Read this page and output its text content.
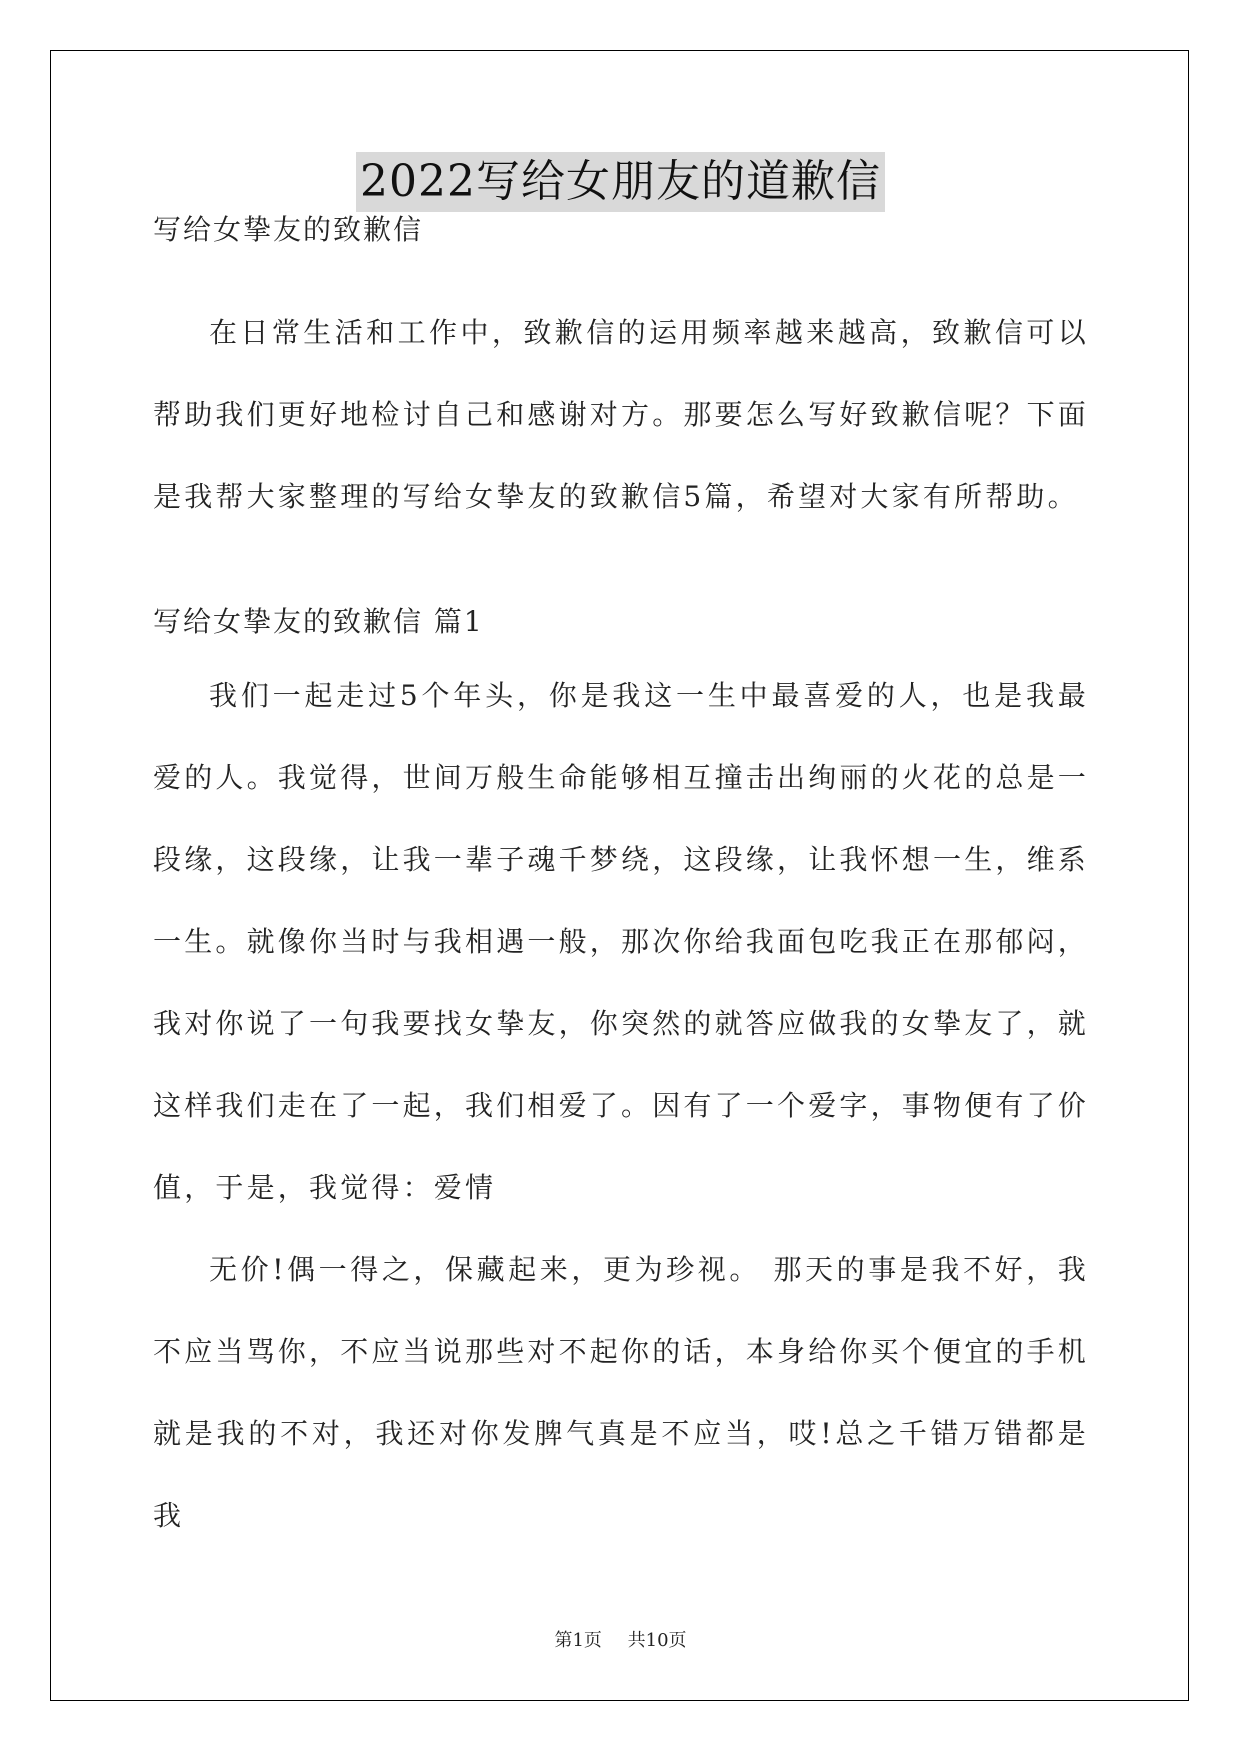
2022写给女朋友的道歉信
写给女挚友的致歉信

在日常生活和工作中，致歉信的运用频率越来越高，致歉信可以帮助我们更好地检讨自己和感谢对方。那要怎么写好致歉信呢？下面是我帮大家整理的写给女挚友的致歉信5篇，希望对大家有所帮助。

写给女挚友的致歉信 篇1

我们一起走过5个年头，你是我这一生中最喜爱的人，也是我最爱的人。我觉得，世间万般生命能够相互撞击出绚丽的火花的总是一段缘，这段缘，让我一辈子魂千梦绕，这段缘，让我怀想一生，维系一生。就像你当时与我相遇一般，那次你给我面包吃我正在那郁闷，我对你说了一句我要找女挚友，你突然的就答应做我的女挚友了，就这样我们走在了一起，我们相爱了。因有了一个爱字，事物便有了价值，于是，我觉得：爱情

无价!偶一得之，保藏起来，更为珍视。 那天的事是我不好，我不应当骂你，不应当说那些对不起你的话，本身给你买个便宜的手机就是我的不对，我还对你发脾气真是不应当，哎!总之千错万错都是我

第1页 共10页
